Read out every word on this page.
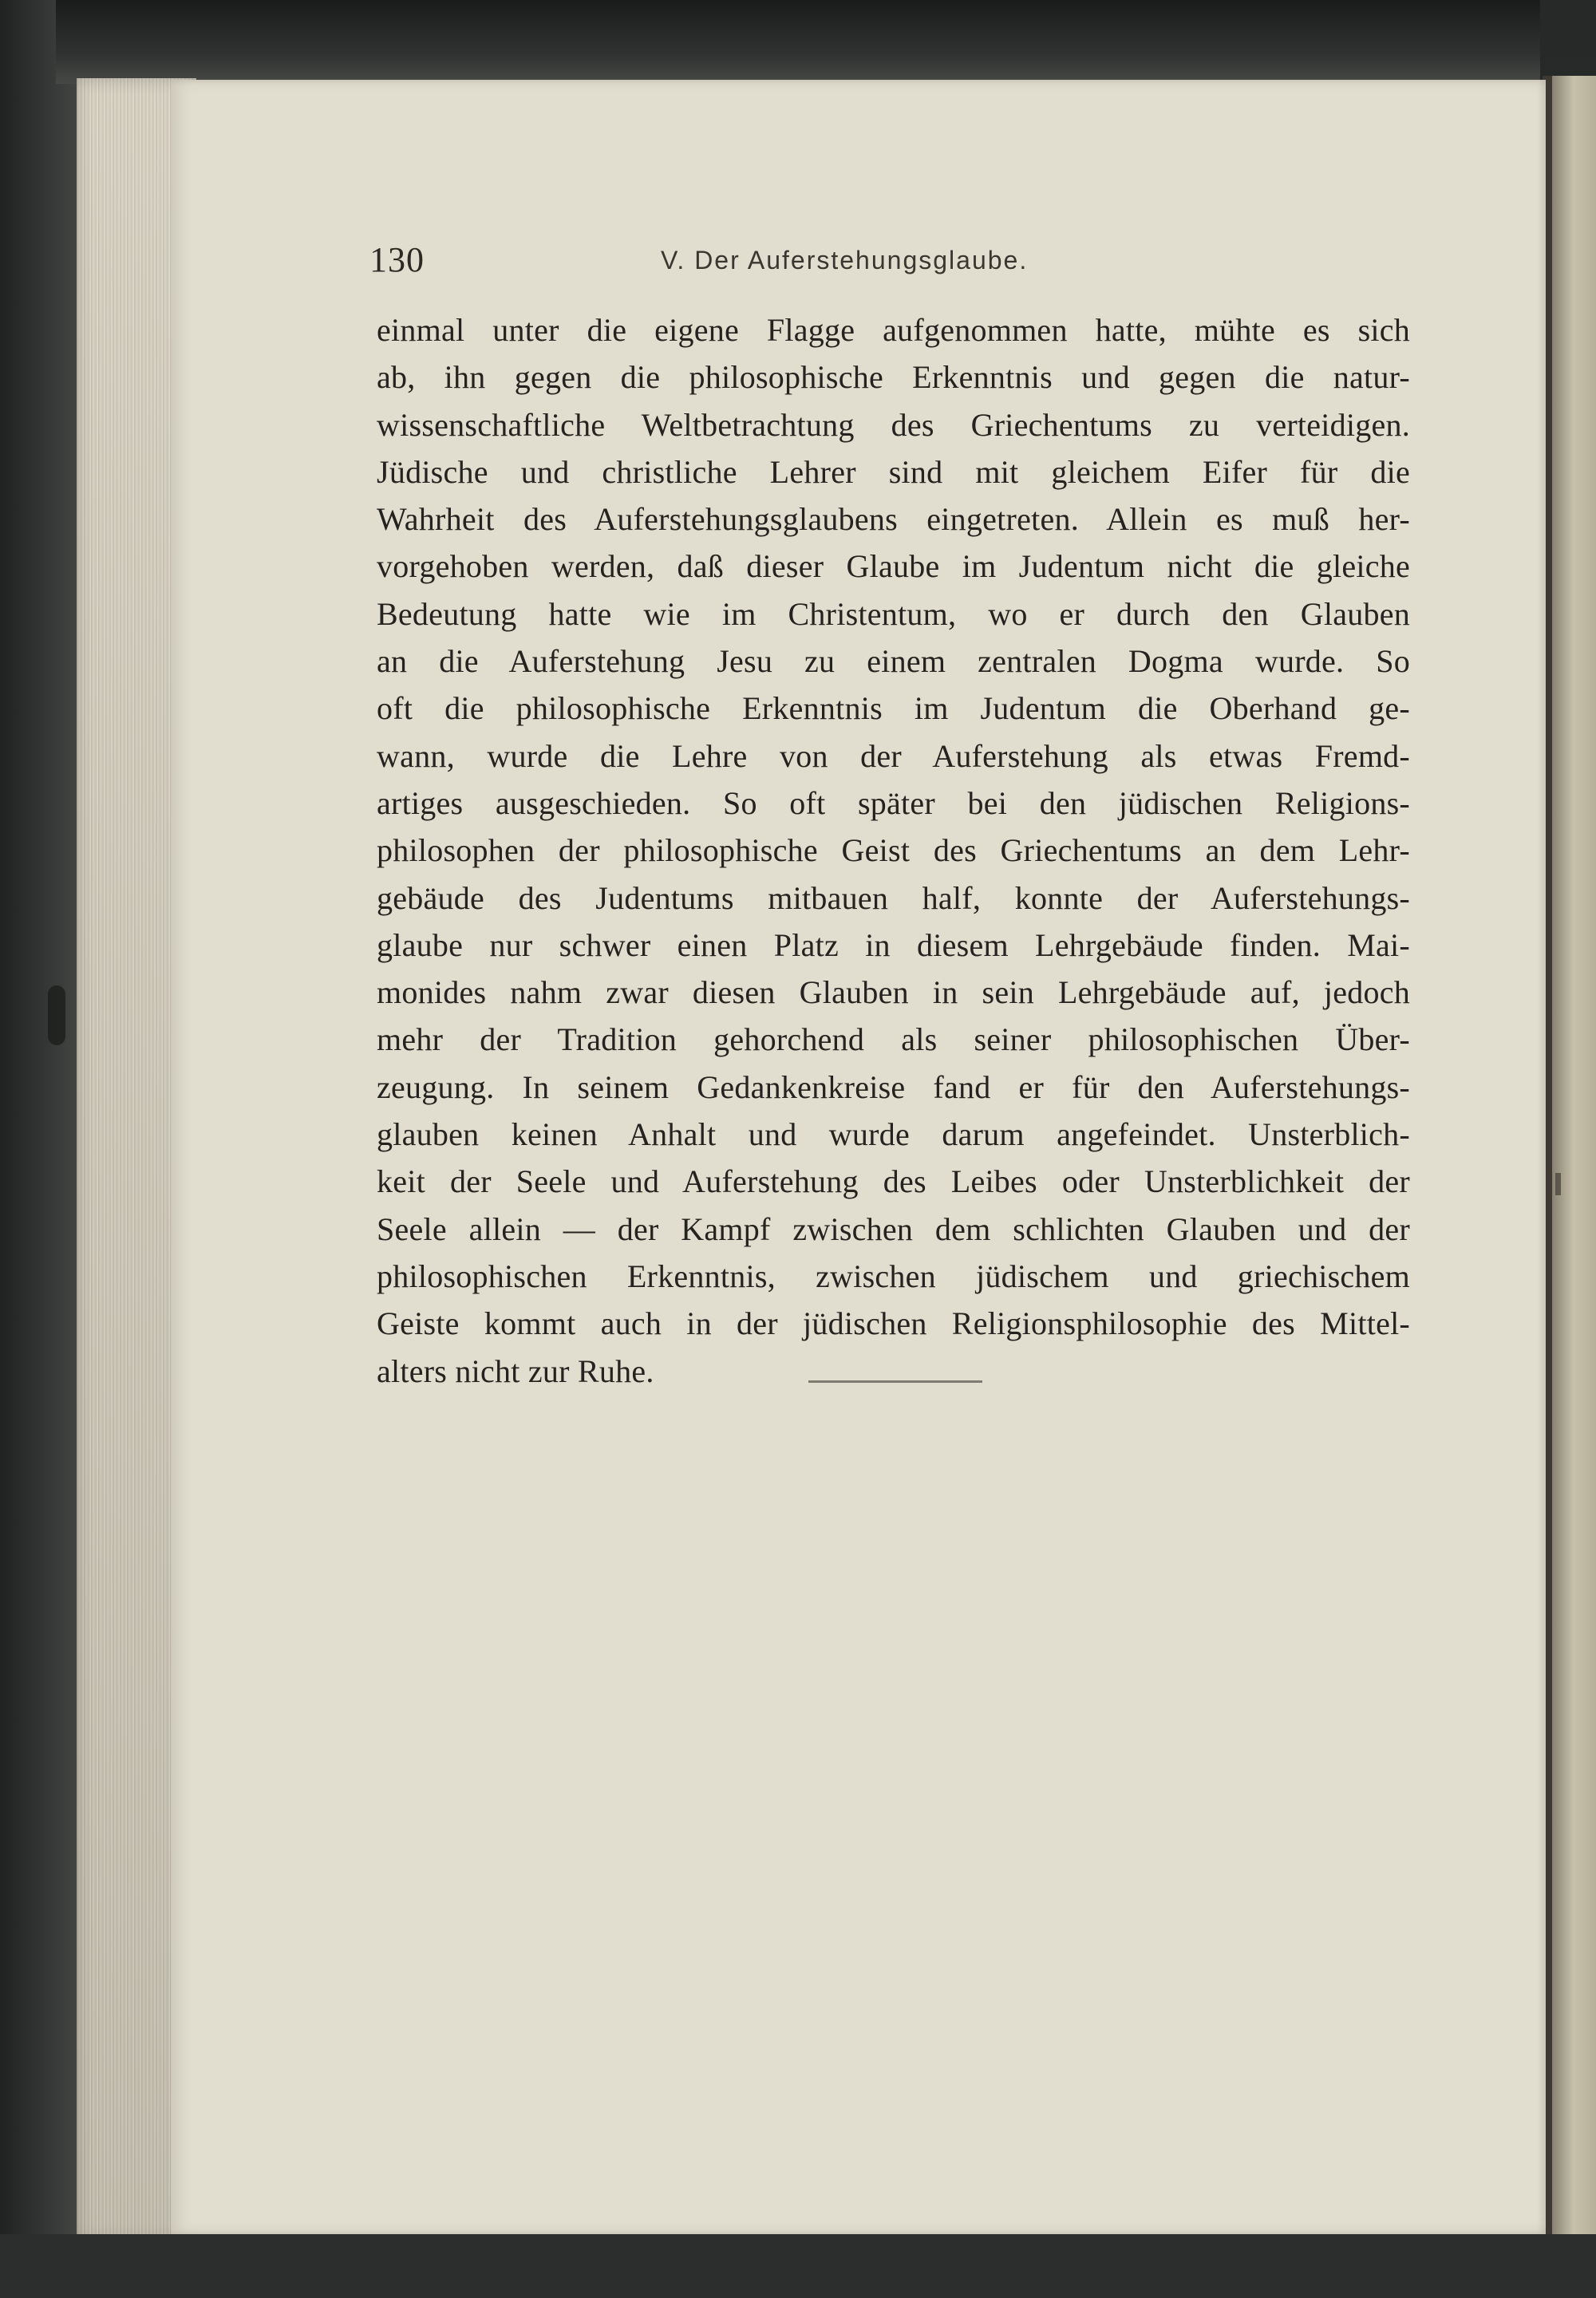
130	V. Der Auferstehungsglaube.
einmal unter die eigene Flagge aufgenommen hatte, mühte es sich
ab, ihn gegen die philosophische Erkenntnis und gegen die natur-
wissenschaftliche Weltbetrachtung des Griechentums zu verteidigen.
Jüdische und christliche Lehrer sind mit gleichem Eifer für die
Wahrheit des Auferstehungsglaubens eingetreten. Allein es muß her-
vorgehoben werden, daß dieser Glaube im Judentum nicht die gleiche
Bedeutung hatte wie im Christentum, wo er durch den Glauben
an die Auferstehung Jesu zu einem zentralen Dogma wurde. So
oft die philosophische Erkenntnis im Judentum die Oberhand ge-
wann, wurde die Lehre von der Auferstehung als etwas Fremd-
artiges ausgeschieden. So oft später bei den jüdischen Religions-
philosophen der philosophische Geist des Griechentums an dem Lehr-
gebäude des Judentums mitbauen half, konnte der Auferstehungs-
glaube nur schwer einen Platz in diesem Lehrgebäude finden. Mai-
monides nahm zwar diesen Glauben in sein Lehrgebäude auf, jedoch
mehr der Tradition gehorchend als seiner philosophischen Über-
zeugung. In seinem Gedankenkreise fand er für den Auferstehungs-
glauben keinen Anhalt und wurde darum angefeindet. Unsterblich-
keit der Seele und Auferstehung des Leibes oder Unsterblichkeit der
Seele allein — der Kampf zwischen dem schlichten Glauben und der
philosophischen Erkenntnis, zwischen jüdischem und griechischem
Geiste kommt auch in der jüdischen Religionsphilosophie des Mittel-
alters nicht zur Ruhe.
